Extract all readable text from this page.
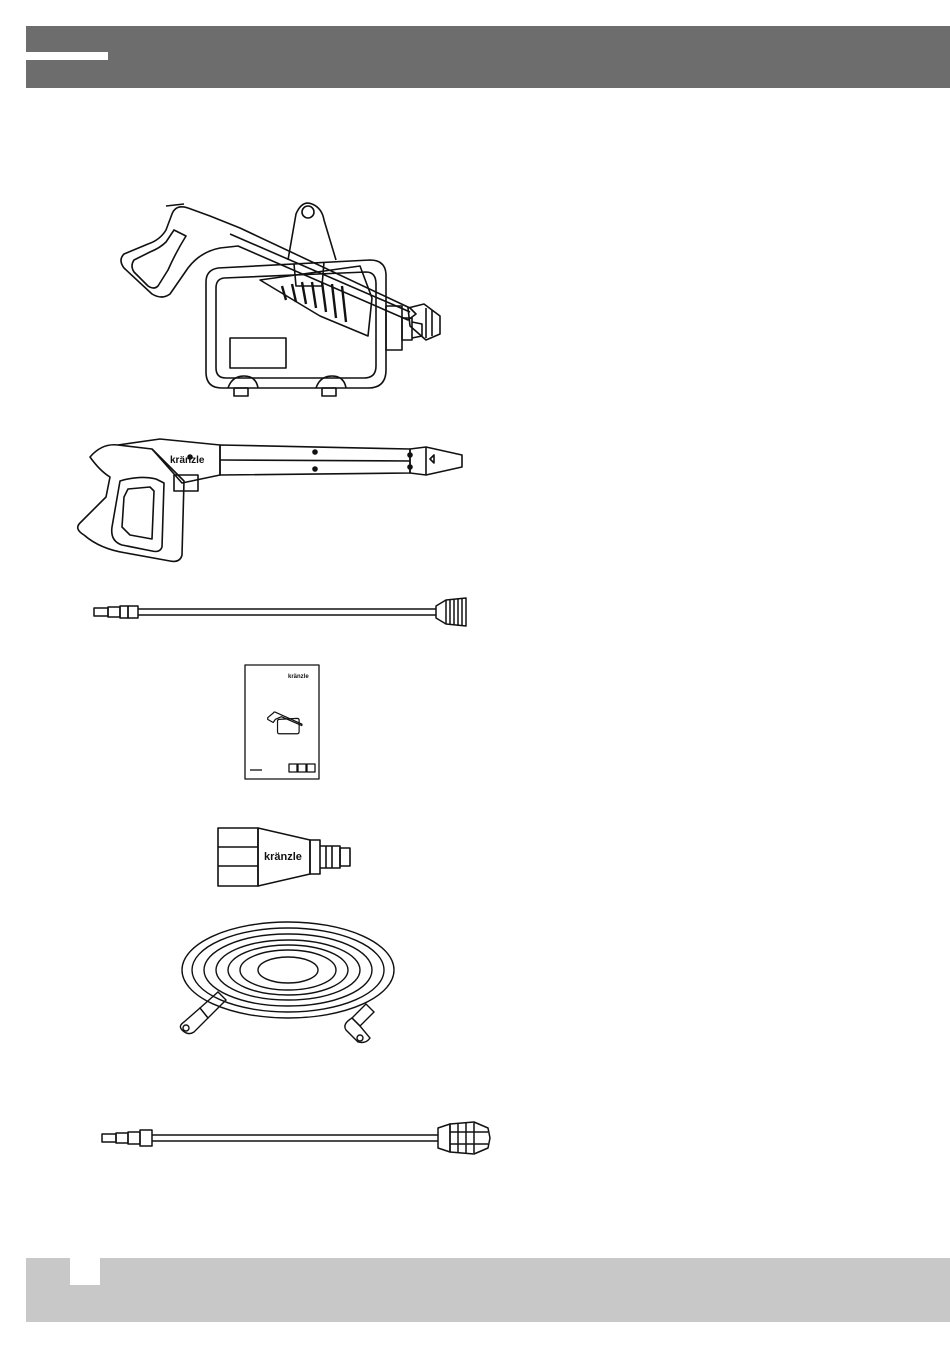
kränzle
kränzle
kränzle
